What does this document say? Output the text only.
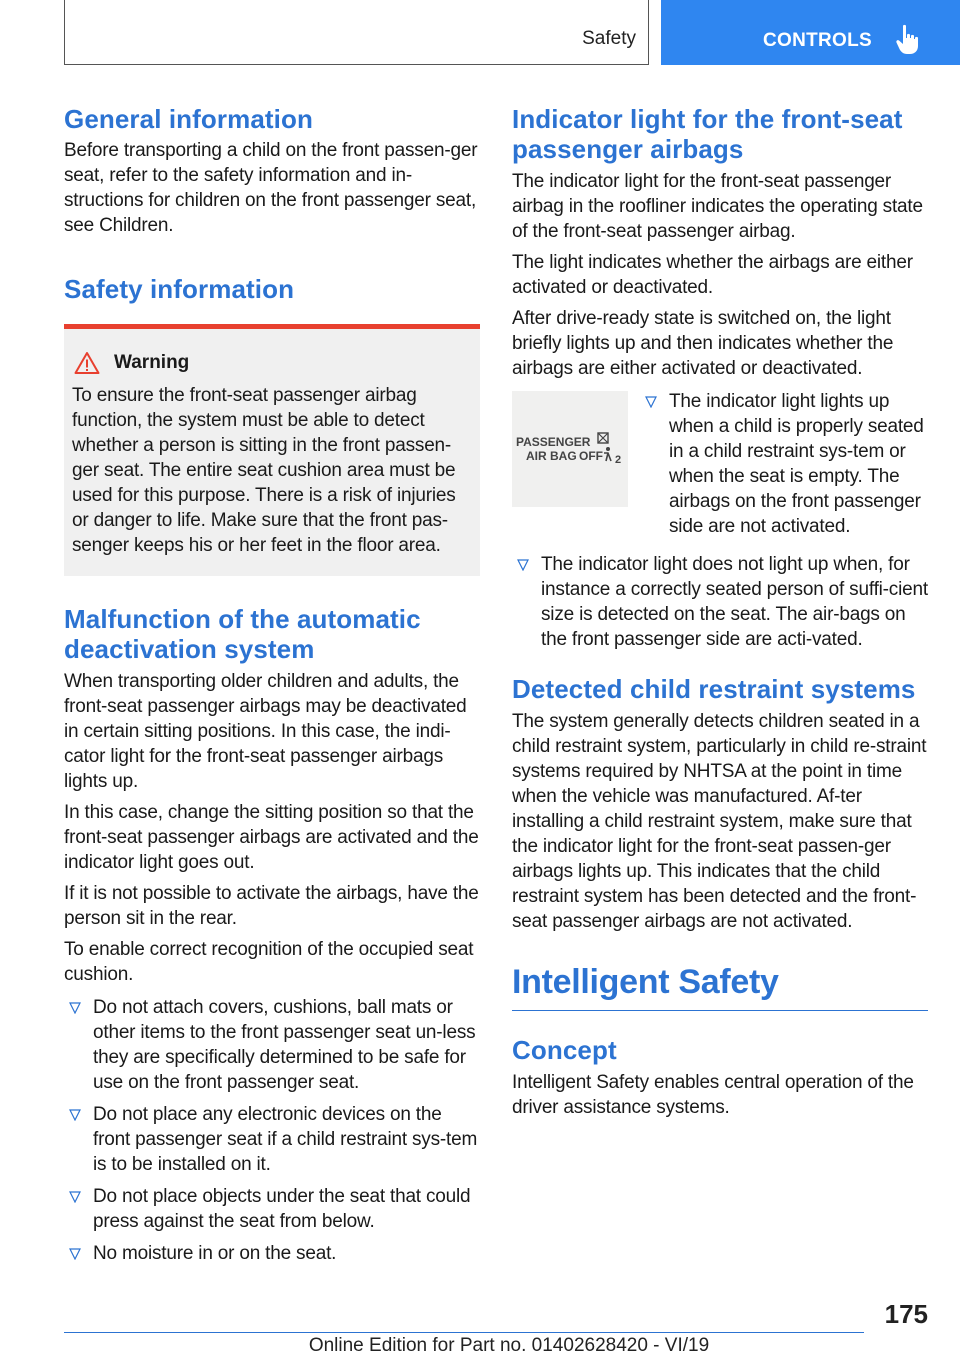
Safety	CONTROLS
General information

Before transporting a child on the front passen-ger seat, refer to the safety information and in-structions for children on the front passenger seat, see Children.

Safety information
Warning

To ensure the front-seat passenger airbag function, the system must be able to detect whether a person is sitting in the front passen-ger seat. The entire seat cushion area must be used for this purpose. There is a risk of injuries or danger to life. Make sure that the front pas-senger keeps his or her feet in the floor area.

Malfunction of the automatic deactivation system

When transporting older children and adults, the front-seat passenger airbags may be deactivated in certain sitting positions. In this case, the indi-cator light for the front-seat passenger airbags lights up.

In this case, change the sitting position so that the front-seat passenger airbags are activated and the indicator light goes out.

If it is not possible to activate the airbags, have the person sit in the rear.

To enable correct recognition of the occupied seat cushion.

Do not attach covers, cushions, ball mats or other items to the front passenger seat un-less they are specifically determined to be safe for use on the front passenger seat.
Do not place any electronic devices on the front passenger seat if a child restraint sys-tem is to be installed on it.
Do not place objects under the seat that could press against the seat from below.
No moisture in or on the seat.
Indicator light for the front-seat passenger airbags

The indicator light for the front-seat passenger airbag in the roofliner indicates the operating state of the front-seat passenger airbag.

The light indicates whether the airbags are either activated or deactivated.

After drive-ready state is switched on, the light briefly lights up and then indicates whether the airbags are either activated or deactivated.

PASSENGER
AIR BAG OFF 2
The indicator light lights up when a child is properly seated in a child restraint sys-tem or when the seat is empty. The airbags on the front passenger side are not activated.
The indicator light does not light up when, for instance a correctly seated person of suffi-cient size is detected on the seat. The air-bags on the front passenger side are acti-vated.
Detected child restraint systems

The system generally detects children seated in a child restraint system, particularly in child re-straint systems required by NHTSA at the point in time when the vehicle was manufactured. Af-ter installing a child restraint system, make sure that the indicator light for the front-seat passen-ger airbags lights up. This indicates that the child restraint system has been detected and the front-seat passenger airbags are not activated.

Intelligent Safety
Concept

Intelligent Safety enables central operation of the driver assistance systems.

175
Online Edition for Part no. 01402628420 - VI/19
